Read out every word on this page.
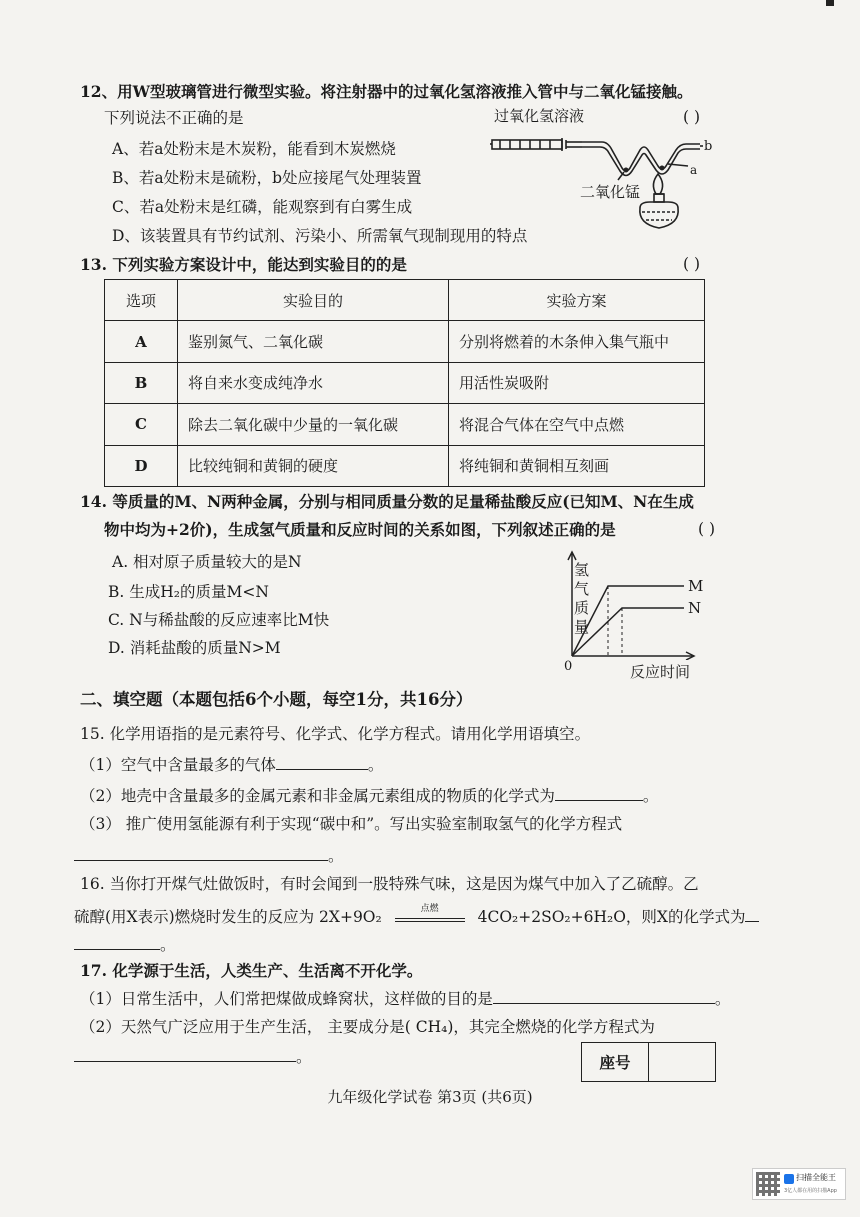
12、用W型玻璃管进行微型实验。将注射器中的过氧化氢溶液推入管中与二氧化锰接触。
下列说法不正确的是	( )
A、若a处粉末是木炭粉，能看到木炭燃烧
B、若a处粉末是硫粉，b处应接尾气处理装置
C、若a处粉末是红磷，能观察到有白雾生成
D、该装置具有节约试剂、污染小、所需氧气现制现用的特点
过氧化氢溶液
二氧化锰
a
b
13. 下列实验方案设计中，能达到实验目的的是	( )
选项	实验目的	实验方案
A	鉴别氮气、二氧化碳	分别将燃着的木条伸入集气瓶中
B	将自来水变成纯净水	用活性炭吸附
C	除去二氧化碳中少量的一氧化碳	将混合气体在空气中点燃
D	比较纯铜和黄铜的硬度	将纯铜和黄铜相互刻画
14. 等质量的M、N两种金属，分别与相同质量分数的足量稀盐酸反应(已知M、N在生成
物中均为+2价)，生成氢气质量和反应时间的关系如图，下列叙述正确的是	( )
A. 相对原子质量较大的是N
B. 生成H₂的质量M<N
C. N与稀盐酸的反应速率比M快
D. 消耗盐酸的质量N>M
氢
气
质
量
0	反应时间
M
N
二、填空题（本题包括6个小题，每空1分，共16分）
15. 化学用语指的是元素符号、化学式、化学方程式。请用化学用语填空。
（1）空气中含量最多的气体	。
（2）地壳中含量最多的金属元素和非金属元素组成的物质的化学式为	。
（3） 推广使用氢能源有利于实现“碳中和”。写出实验室制取氢气的化学方程式
。
16. 当你打开煤气灶做饭时，有时会闻到一股特殊气味，这是因为煤气中加入了乙硫醇。乙
硫醇(用X表示)燃烧时发生的反应为 2X+9O₂	点燃	4CO₂+2SO₂+6H₂O，则X的化学式为
。
17. 化学源于生活，人类生产、生活离不开化学。
（1）日常生活中，人们常把煤做成蜂窝状，这样做的目的是	。
（2）天然气广泛应用于生产生活， 主要成分是( CH₄)，其完全燃烧的化学方程式为
。	座号
九年级化学试卷 第3页 (共6页)
扫描全能王
3亿人都在用的扫描App
